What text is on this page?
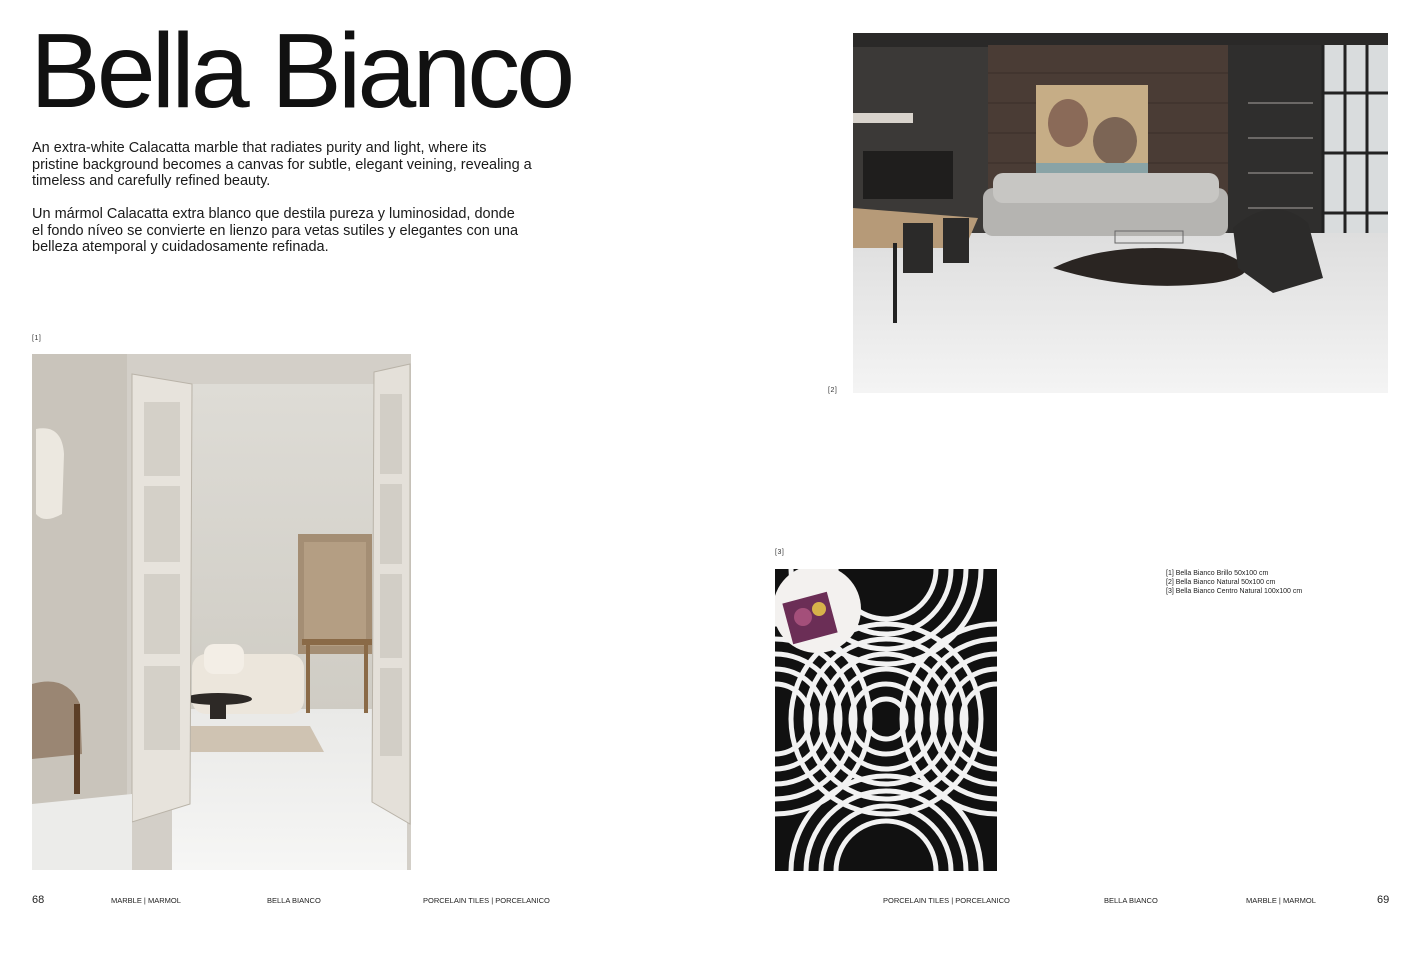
Bella Bianco

An extra-white Calacatta marble that radiates purity and light, where its pristine background becomes a canvas for subtle, elegant veining, revealing a timeless and carefully refined beauty.

Un mármol Calacatta extra blanco que destila pureza y luminosidad, donde el fondo níveo se convierte en lienzo para vetas sutiles y elegantes con una belleza atemporal y cuidadosamente refinada.

[1]
[2]
[3]
[1] Bella Bianco Brillo 50x100 cm
[2] Bella Bianco Natural 50x100 cm
[3] Bella Bianco Centro Natural 100x100 cm
68	MARBLE | MARMOL	BELLA BIANCO	PORCELAIN TILES | PORCELANICO	PORCELAIN TILES | PORCELANICO	BELLA BIANCO	MARBLE | MARMOL	69
